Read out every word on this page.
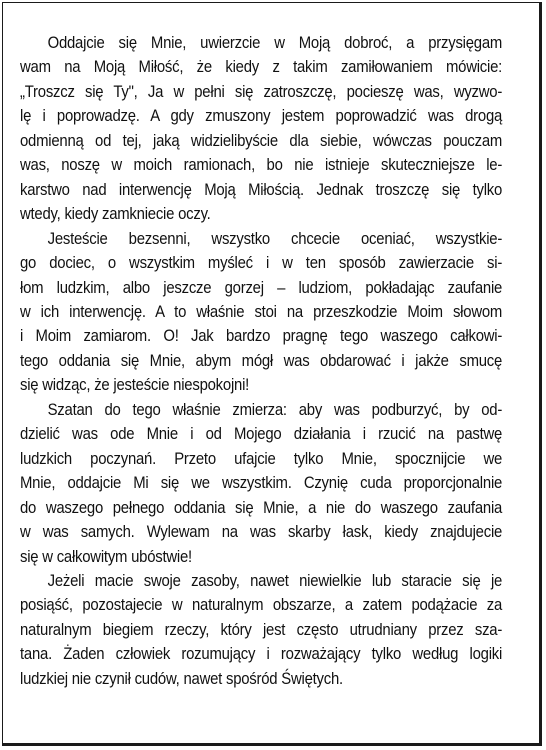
Oddajcie się Mnie, uwierzcie w Moją dobroć, a przysięgam
wam na Moją Miłość, że kiedy z takim zamiłowaniem mówicie:
„Troszcz się Ty", Ja w pełni się zatroszczę, pocieszę was, wyzwo-
lę i poprowadzę. A gdy zmuszony jestem poprowadzić was drogą
odmienną od tej, jaką widzielibyście dla siebie, wówczas pouczam
was, noszę w moich ramionach, bo nie istnieje skuteczniejsze le-
karstwo nad interwencję Moją Miłością. Jednak troszczę się tylko
wtedy, kiedy zamkniecie oczy.
Jesteście bezsenni, wszystko chcecie oceniać, wszystkie-
go dociec, o wszystkim myśleć i w ten sposób zawierzacie si-
łom ludzkim, albo jeszcze gorzej – ludziom, pokładając zaufanie
w ich interwencję. A to właśnie stoi na przeszkodzie Moim słowom
i Moim zamiarom. O! Jak bardzo pragnę tego waszego całkowi-
tego oddania się Mnie, abym mógł was obdarować i jakże smucę
się widząc, że jesteście niespokojni!
Szatan do tego właśnie zmierza: aby was podburzyć, by od-
dzielić was ode Mnie i od Mojego działania i rzucić na pastwę
ludzkich poczynań. Przeto ufajcie tylko Mnie, spocznijcie we
Mnie, oddajcie Mi się we wszystkim. Czynię cuda proporcjonalnie
do waszego pełnego oddania się Mnie, a nie do waszego zaufania
w was samych. Wylewam na was skarby łask, kiedy znajdujecie
się w całkowitym ubóstwie!
Jeżeli macie swoje zasoby, nawet niewielkie lub staracie się je
posiąść, pozostajecie w naturalnym obszarze, a zatem podążacie za
naturalnym biegiem rzeczy, który jest często utrudniany przez sza-
tana. Żaden człowiek rozumujący i rozważający tylko według logiki
ludzkiej nie czynił cudów, nawet spośród Świętych.
